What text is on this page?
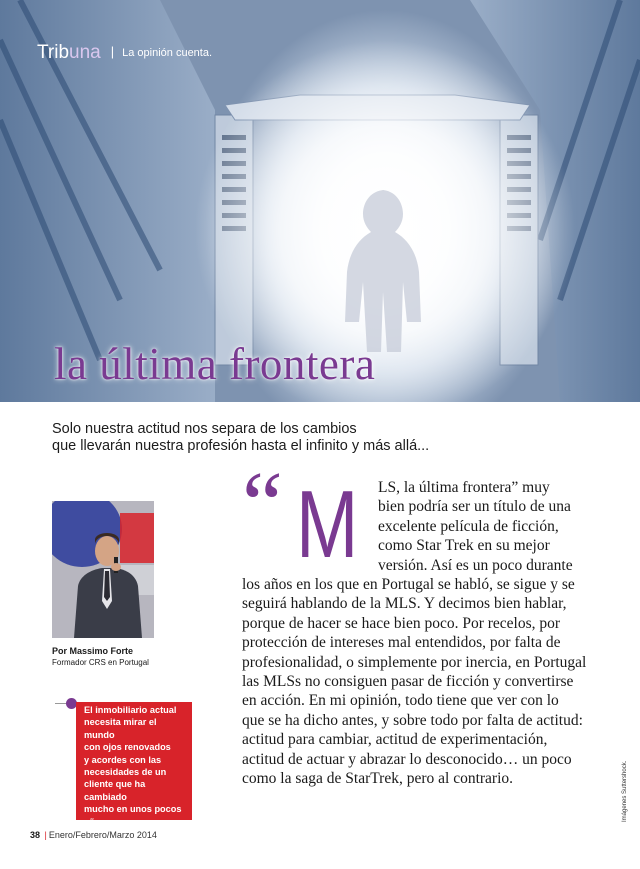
Tribuna | La opinión cuenta.
la última frontera
Solo nuestra actitud nos separa de los cambios
que llevarán nuestra profesión hasta el infinito y más allá...
Por Massimo Forte
Formador CRS en Portugal

El inmobiliario actual

necesita mirar el mundo

con ojos renovados

y acordes con las

necesidades de un

cliente que ha cambiado

mucho en unos pocos

años.

“ M	LS, la última frontera” muy
bien podría ser un título de una
excelente película de ficción,
como Star Trek en su mejor
versión. Así es un poco durante
los años en los que en Portugal se habló, se sigue y se
seguirá hablando de la MLS. Y decimos bien hablar,
porque de hacer se hace bien poco. Por recelos, por
protección de intereses mal entendidos, por falta de
profesionalidad, o simplemente por inercia, en Portugal
las MLSs no consiguen pasar de ficción y convertirse
en acción. En mi opinión, todo tiene que ver con lo
que se ha dicho antes, y sobre todo por falta de actitud:
actitud para cambiar, actitud de experimentación,
actitud de actuar y abrazar lo desconocido… un poco
como la saga de StarTrek, pero al contrario.
38 | Enero/Febrero/Marzo 2014
Imágenes Suttershock.
